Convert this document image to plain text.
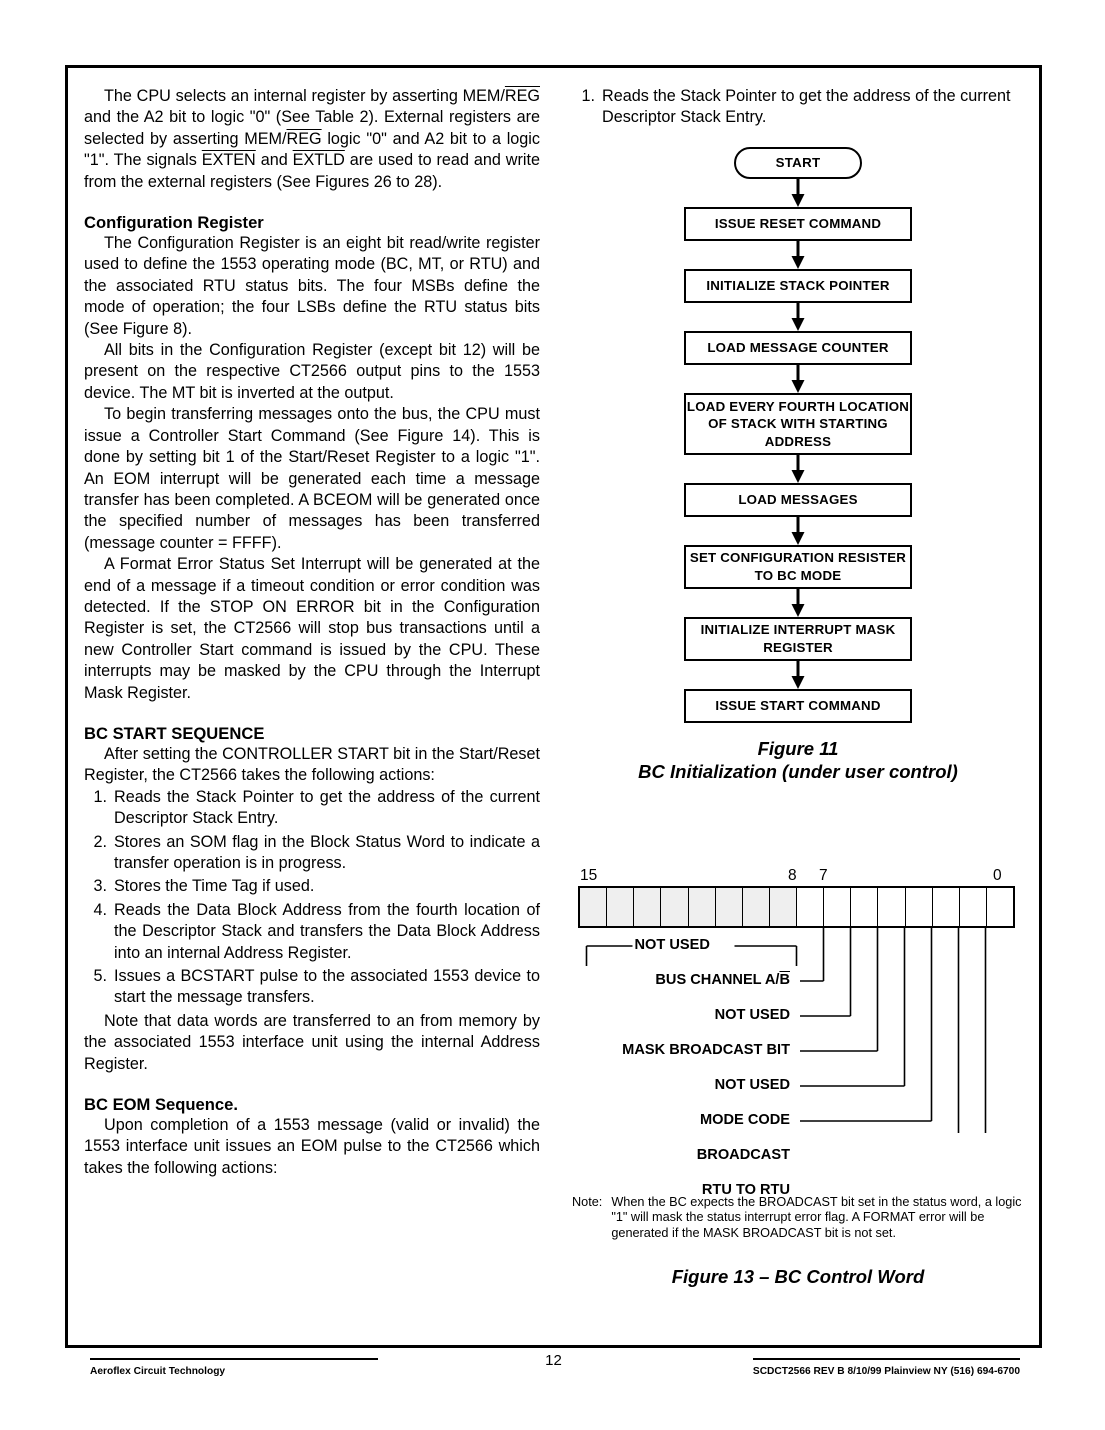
The CPU selects an internal register by asserting MEM/$\overline{REG}$ and the A2 bit to logic "0" (See Table 2). External registers are selected by asserting MEM/$\overline{REG}$ logic "0" and A2 bit to a logic "1". The signals EXTEN and EXTLD are used to read and write from the external registers (See Figures 26 to 28).

Configuration Register

The Configuration Register is an eight bit read/write register used to define the 1553 operating mode (BC, MT, or RTU) and the associated RTU status bits. The four MSBs define the mode of operation; the four LSBs define the RTU status bits (See Figure 8).

All bits in the Configuration Register (except bit 12) will be present on the respective CT2566 output pins to the 1553 device. The MT bit is inverted at the output.

To begin transferring messages onto the bus, the CPU must issue a Controller Start Command (See Figure 14). This is done by setting bit 1 of the Start/Reset Register to a logic "1". An EOM interrupt will be generated each time a message transfer has been completed. A BCEOM will be generated once the specified number of messages has been transferred (message counter = FFFF).

A Format Error Status Set Interrupt will be generated at the end of a message if a timeout condition or error condition was detected. If the STOP ON ERROR bit in the Configuration Register is set, the CT2566 will stop bus transactions until a new Controller Start command is issued by the CPU. These interrupts may be masked by the CPU through the Interrupt Mask Register.

BC START SEQUENCE

After setting the CONTROLLER START bit in the Start/Reset Register, the CT2566 takes the following actions:

1. Reads the Stack Pointer to get the address of the current Descriptor Stack Entry.
2. Stores an SOM flag in the Block Status Word to indicate a transfer operation is in progress.
3. Stores the Time Tag if used.
4. Reads the Data Block Address from the fourth location of the Descriptor Stack and transfers the Data Block Address into an internal Address Register.
5. Issues a BCSTART pulse to the associated 1553 device to start the message transfers.

Note that data words are transferred to an from memory by the associated 1553 interface unit using the internal Address Register.

BC EOM Sequence.

Upon completion of a 1553 message (valid or invalid) the 1553 interface unit issues an EOM pulse to the CT2566 which takes the following actions:

1. Reads the Stack Pointer to get the address of the current Descriptor Stack Entry.
START
ISSUE RESET COMMAND
INITIALIZE STACK POINTER
LOAD MESSAGE COUNTER
LOAD EVERY FOURTH LOCATION OF STACK WITH STARTING ADDRESS
LOAD MESSAGES
SET CONFIGURATION RESISTER TO BC MODE
INITIALIZE INTERRUPT MASK REGISTER
ISSUE START COMMAND
Figure 11
BC Initialization (under user control)
15	8 7	0
NOT USED
BUS CHANNEL $A/\overline{B}$
NOT USED
MASK BROADCAST BIT
NOT USED
MODE CODE
BROADCAST
RTU TO RTU
Note: When the BC expects the BROADCAST bit set in the status word, a logic "1" will mask the status interrupt error flag. A FORMAT error will be generated if the MASK BROADCAST bit is not set.
Figure 13 – BC Control Word
Aeroflex Circuit Technology
12
SCDCT2566 REV B 8/10/99 Plainview NY (516) 694-6700
